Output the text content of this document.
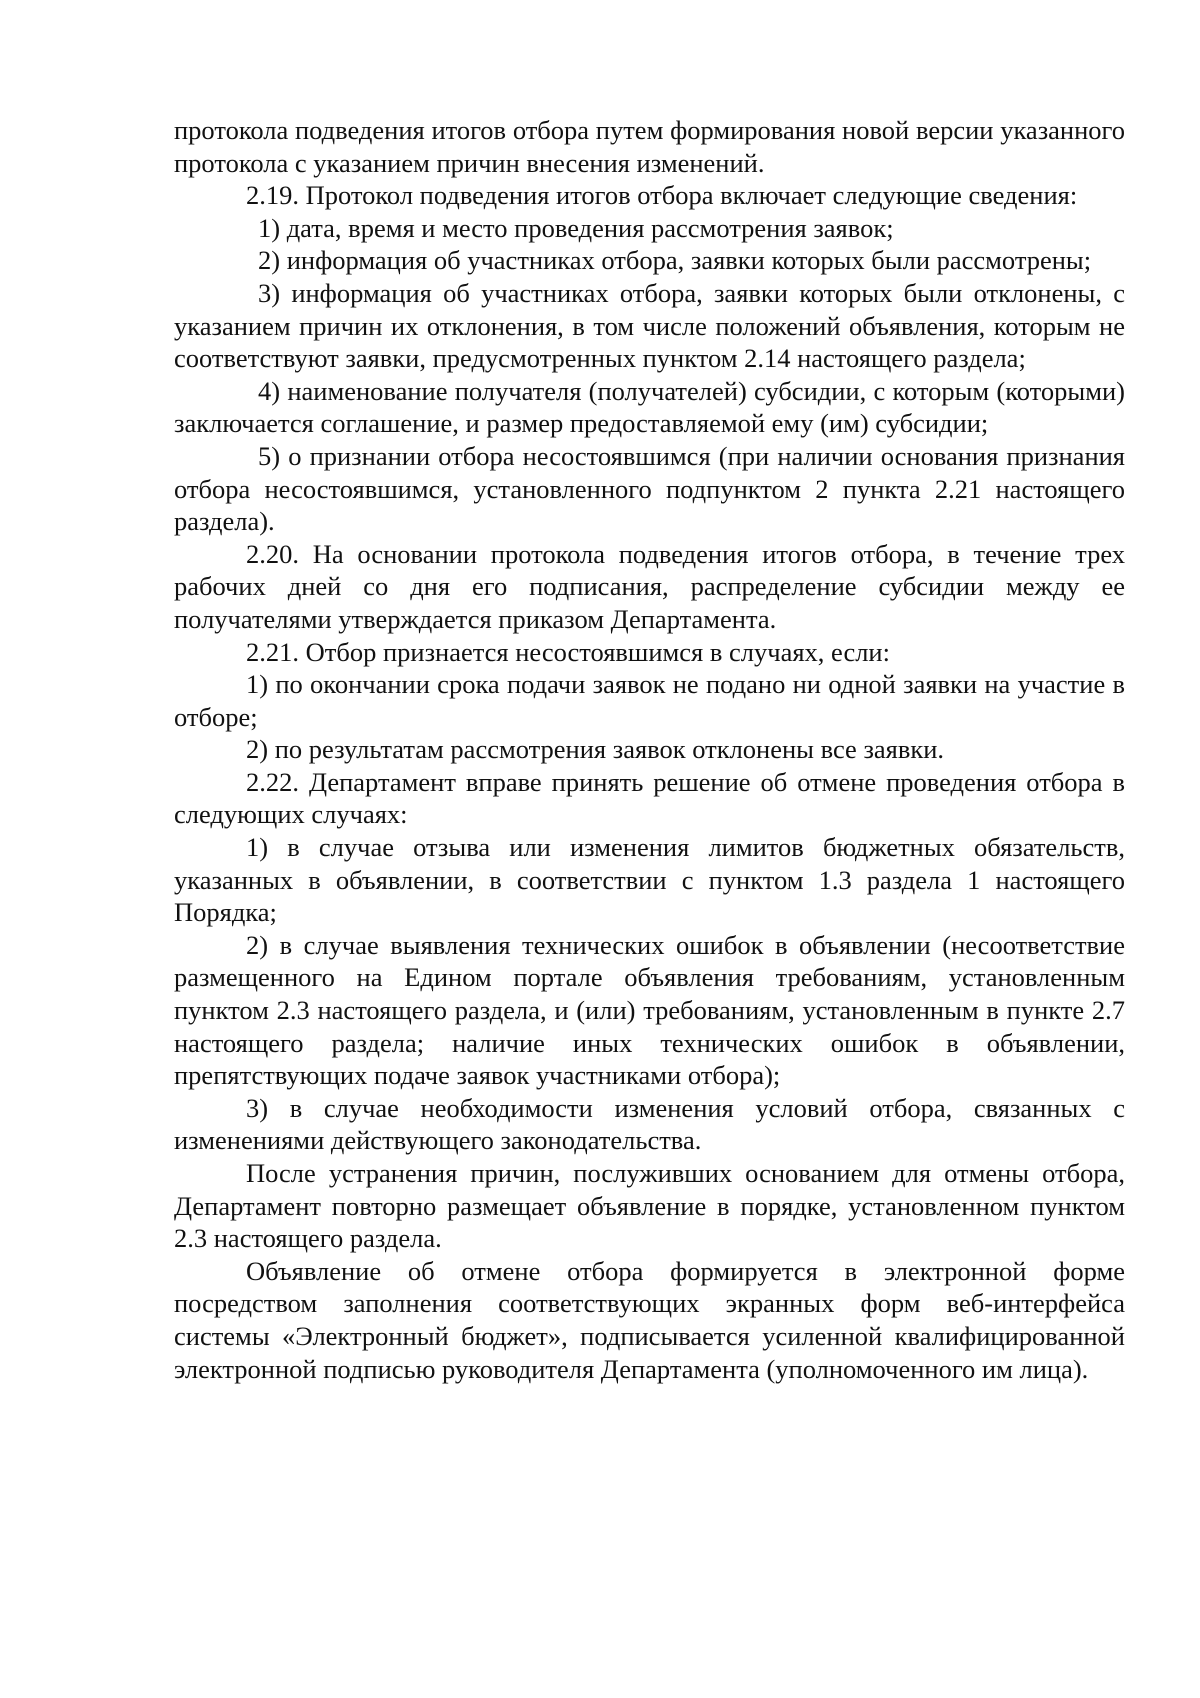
протокола подведения итогов отбора путем формирования новой версии указанного протокола с указанием причин внесения изменений.

2.19. Протокол подведения итогов отбора включает следующие сведения:

1) дата, время и место проведения рассмотрения заявок;

2) информация об участниках отбора, заявки которых были рассмотрены;

3) информация об участниках отбора, заявки которых были отклонены, с указанием причин их отклонения, в том числе положений объявления, которым не соответствуют заявки, предусмотренных пунктом 2.14 настоящего раздела;

4) наименование получателя (получателей) субсидии, с которым (которыми) заключается соглашение, и размер предоставляемой ему (им) субсидии;

5) о признании отбора несостоявшимся (при наличии основания признания отбора несостоявшимся, установленного подпунктом 2 пункта 2.21 настоящего раздела).

2.20. На основании протокола подведения итогов отбора, в течение трех рабочих дней со дня его подписания, распределение субсидии между ее получателями утверждается приказом Департамента.

2.21. Отбор признается несостоявшимся в случаях, если:

1) по окончании срока подачи заявок не подано ни одной заявки на участие в отборе;

2) по результатам рассмотрения заявок отклонены все заявки.

2.22. Департамент вправе принять решение об отмене проведения отбора в следующих случаях:

1) в случае отзыва или изменения лимитов бюджетных обязательств, указанных в объявлении, в соответствии с пунктом 1.3 раздела 1 настоящего Порядка;

2) в случае выявления технических ошибок в объявлении (несоответствие размещенного на Едином портале объявления требованиям, установленным пунктом 2.3 настоящего раздела, и (или) требованиям, установленным в пункте 2.7 настоящего раздела; наличие иных технических ошибок в объявлении, препятствующих подаче заявок участниками отбора);

3) в случае необходимости изменения условий отбора, связанных с изменениями действующего законодательства.

После устранения причин, послуживших основанием для отмены отбора, Департамент повторно размещает объявление в порядке, установленном пунктом 2.3 настоящего раздела.

Объявление об отмене отбора формируется в электронной форме посредством заполнения соответствующих экранных форм веб-интерфейса системы «Электронный бюджет», подписывается усиленной квалифицированной электронной подписью руководителя Департамента (уполномоченного им лица).
